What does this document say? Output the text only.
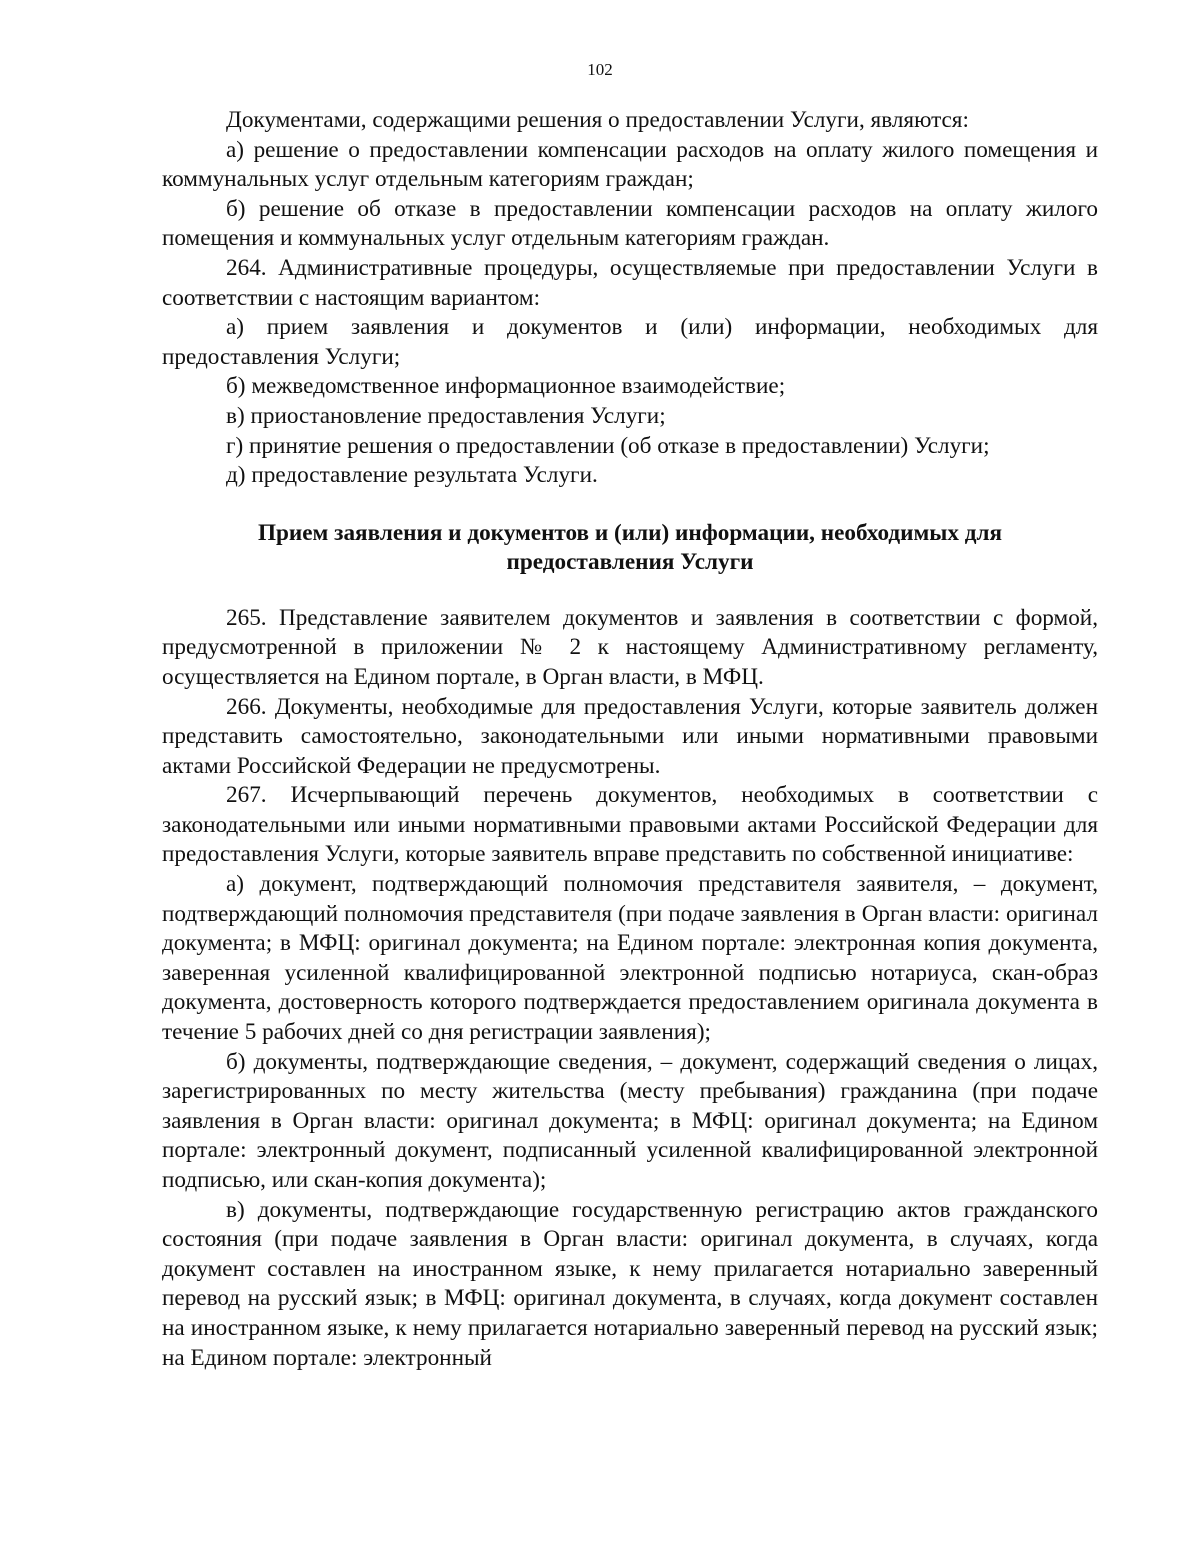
102

Документами, содержащими решения о предоставлении Услуги, являются:

а) решение о предоставлении компенсации расходов на оплату жилого помещения и коммунальных услуг отдельным категориям граждан;

б) решение об отказе в предоставлении компенсации расходов на оплату жилого помещения и коммунальных услуг отдельным категориям граждан.

264. Административные процедуры, осуществляемые при предоставлении Услуги в соответствии с настоящим вариантом:

а) прием заявления и документов и (или) информации, необходимых для предоставления Услуги;

б) межведомственное информационное взаимодействие;

в) приостановление предоставления Услуги;

г) принятие решения о предоставлении (об отказе в предоставлении) Услуги;

д) предоставление результата Услуги.

Прием заявления и документов и (или) информации, необходимых для
предоставления Услуги

265. Представление заявителем документов и заявления в соответствии с формой, предусмотренной в приложении № 2 к настоящему Административному регламенту, осуществляется на Едином портале, в Орган власти, в МФЦ.

266. Документы, необходимые для предоставления Услуги, которые заявитель должен представить самостоятельно, законодательными или иными нормативными правовыми актами Российской Федерации не предусмотрены.

267. Исчерпывающий перечень документов, необходимых в соответствии с законодательными или иными нормативными правовыми актами Российской Федерации для предоставления Услуги, которые заявитель вправе представить по собственной инициативе:

а) документ, подтверждающий полномочия представителя заявителя, – документ, подтверждающий полномочия представителя (при подаче заявления в Орган власти: оригинал документа; в МФЦ: оригинал документа; на Едином портале: электронная копия документа, заверенная усиленной квалифицированной электронной подписью нотариуса, скан-образ документа, достоверность которого подтверждается предоставлением оригинала документа в течение 5 рабочих дней со дня регистрации заявления);

б) документы, подтверждающие сведения, – документ, содержащий сведения о лицах, зарегистрированных по месту жительства (месту пребывания) гражданина (при подаче заявления в Орган власти: оригинал документа; в МФЦ: оригинал документа; на Едином портале: электронный документ, подписанный усиленной квалифицированной электронной подписью, или скан-копия документа);

в) документы, подтверждающие государственную регистрацию актов гражданского состояния (при подаче заявления в Орган власти: оригинал документа, в случаях, когда документ составлен на иностранном языке, к нему прилагается нотариально заверенный перевод на русский язык; в МФЦ: оригинал документа, в случаях, когда документ составлен на иностранном языке, к нему прилагается нотариально заверенный перевод на русский язык; на Едином портале: электронный
